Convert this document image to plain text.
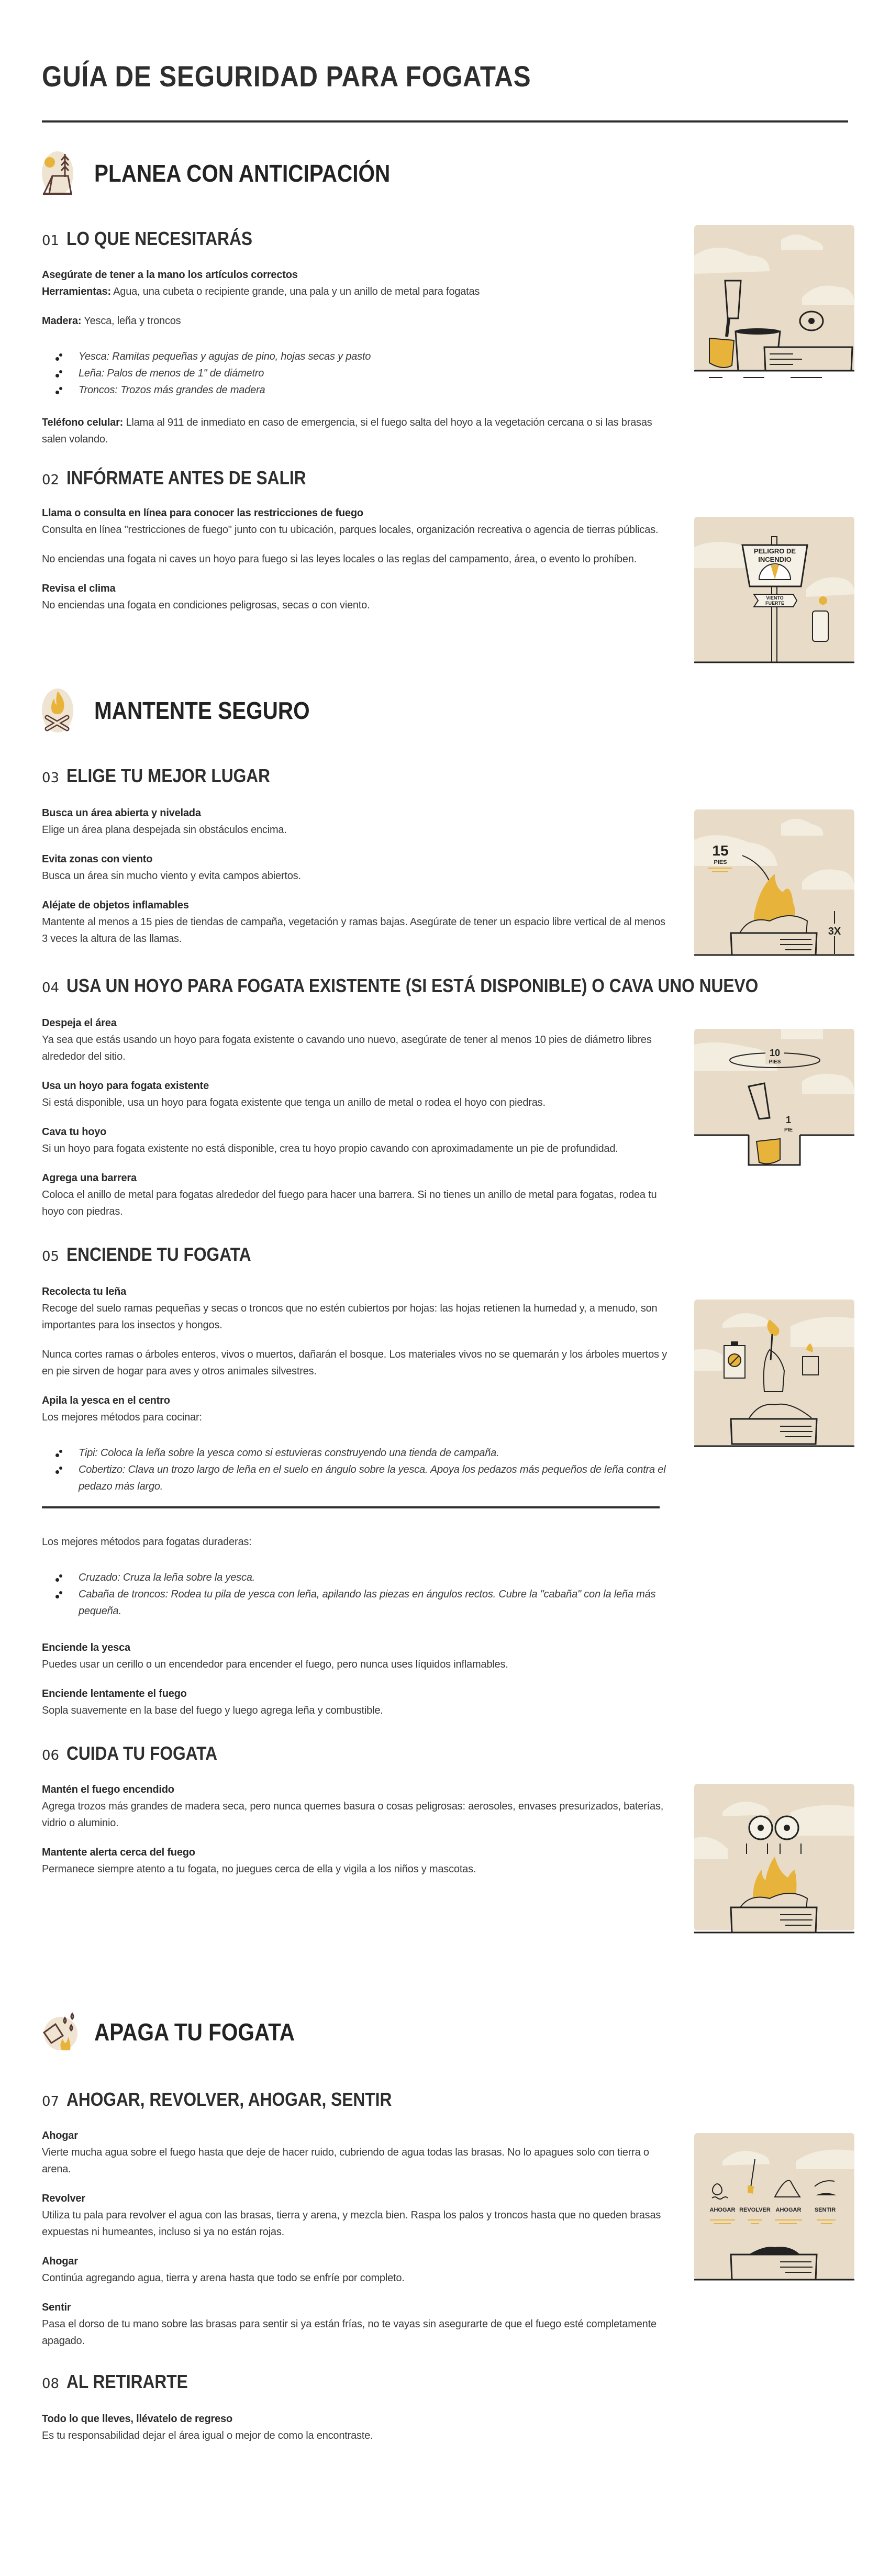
GUÍA DE SEGURIDAD PARA FOGATAS
PLANEA CON ANTICIPACIÓN
01 LO QUE NECESITARÁS
Asegúrate de tener a la mano los artículos correctos
Herramientas: Agua, una cubeta o recipiente grande, una pala y un anillo de metal para fogatas
Madera: Yesca, leña y troncos
Yesca: Ramitas pequeñas y agujas de pino, hojas secas y pasto
Leña: Palos de menos de 1" de diámetro
Troncos: Trozos más grandes de madera
Teléfono celular: Llama al 911 de inmediato en caso de emergencia, si el fuego salta del hoyo a la vegetación cercana o si las brasas salen volando.
02 INFÓRMATE ANTES DE SALIR
Llama o consulta en línea para conocer las restricciones de fuego
Consulta en línea "restricciones de fuego" junto con tu ubicación, parques locales, organización recreativa o agencia de tierras públicas.
No enciendas una fogata ni caves un hoyo para fuego si las leyes locales o las reglas del campamento, área, o evento lo prohíben.
Revisa el clima
No enciendas una fogata en condiciones peligrosas, secas o con viento.
PELIGRO DE
INCENDIO
VIENTO
FUERTE
MANTENTE SEGURO
03 ELIGE TU MEJOR LUGAR
Busca un área abierta y nivelada
Elige un área plana despejada sin obstáculos encima.
Evita zonas con viento
Busca un área sin mucho viento y evita campos abiertos.
Aléjate de objetos inflamables
Mantente al menos a 15 pies de tiendas de campaña, vegetación y ramas bajas. Asegúrate de tener un espacio libre vertical de al menos 3 veces la altura de las llamas.
15
PIES
3X
04 USA UN HOYO PARA FOGATA EXISTENTE (SI ESTÁ DISPONIBLE) O CAVA UNO NUEVO
Despeja el área
Ya sea que estás usando un hoyo para fogata existente o cavando uno nuevo, asegúrate de tener al menos 10 pies de diámetro libres alrededor del sitio.
Usa un hoyo para fogata existente
Si está disponible, usa un hoyo para fogata existente que tenga un anillo de metal o rodea el hoyo con piedras.
Cava tu hoyo
Si un hoyo para fogata existente no está disponible, crea tu hoyo propio cavando con aproximadamente un pie de profundidad.
Agrega una barrera
Coloca el anillo de metal para fogatas alrededor del fuego para hacer una barrera. Si no tienes un anillo de metal para fogatas, rodea tu hoyo con piedras.
10
PIES
1
PIE
05 ENCIENDE TU FOGATA
Recolecta tu leña
Recoge del suelo ramas pequeñas y secas o troncos que no estén cubiertos por hojas: las hojas retienen la humedad y, a menudo, son importantes para los insectos y hongos.
Nunca cortes ramas o árboles enteros, vivos o muertos, dañarán el bosque. Los materiales vivos no se quemarán y los árboles muertos y en pie sirven de hogar para aves y otros animales silvestres.
Apila la yesca en el centro
Los mejores métodos para cocinar:
Tipi: Coloca la leña sobre la yesca como si estuvieras construyendo una tienda de campaña.
Cobertizo: Clava un trozo largo de leña en el suelo en ángulo sobre la yesca. Apoya los pedazos más pequeños de leña contra el pedazo más largo.
Los mejores métodos para fogatas duraderas:
Cruzado: Cruza la leña sobre la yesca.
Cabaña de troncos: Rodea tu pila de yesca con leña, apilando las piezas en ángulos rectos. Cubre la "cabaña" con la leña más pequeña.
Enciende la yesca
Puedes usar un cerillo o un encendedor para encender el fuego, pero nunca uses líquidos inflamables.
Enciende lentamente el fuego
Sopla suavemente en la base del fuego y luego agrega leña y combustible.
06 CUIDA TU FOGATA
Mantén el fuego encendido
Agrega trozos más grandes de madera seca, pero nunca quemes basura o cosas peligrosas: aerosoles, envases presurizados, baterías, vidrio o aluminio.
Mantente alerta cerca del fuego
Permanece siempre atento a tu fogata, no juegues cerca de ella y vigila a los niños y mascotas.
APAGA TU FOGATA
07 AHOGAR, REVOLVER, AHOGAR, SENTIR
Ahogar
Vierte mucha agua sobre el fuego hasta que deje de hacer ruido, cubriendo de agua todas las brasas. No lo apagues solo con tierra o arena.
Revolver
Utiliza tu pala para revolver el agua con las brasas, tierra y arena, y mezcla bien. Raspa los palos y troncos hasta que no queden brasas expuestas ni humeantes, incluso si ya no están rojas.
Ahogar
Continúa agregando agua, tierra y arena hasta que todo se enfríe por completo.
Sentir
Pasa el dorso de tu mano sobre las brasas para sentir si ya están frías, no te vayas sin asegurarte de que el fuego esté completamente apagado.
AHOGAR REVOLVER AHOGAR SENTIR
08 AL RETIRARTE
Todo lo que lleves, llévatelo de regreso
Es tu responsabilidad dejar el área igual o mejor de como la encontraste.
